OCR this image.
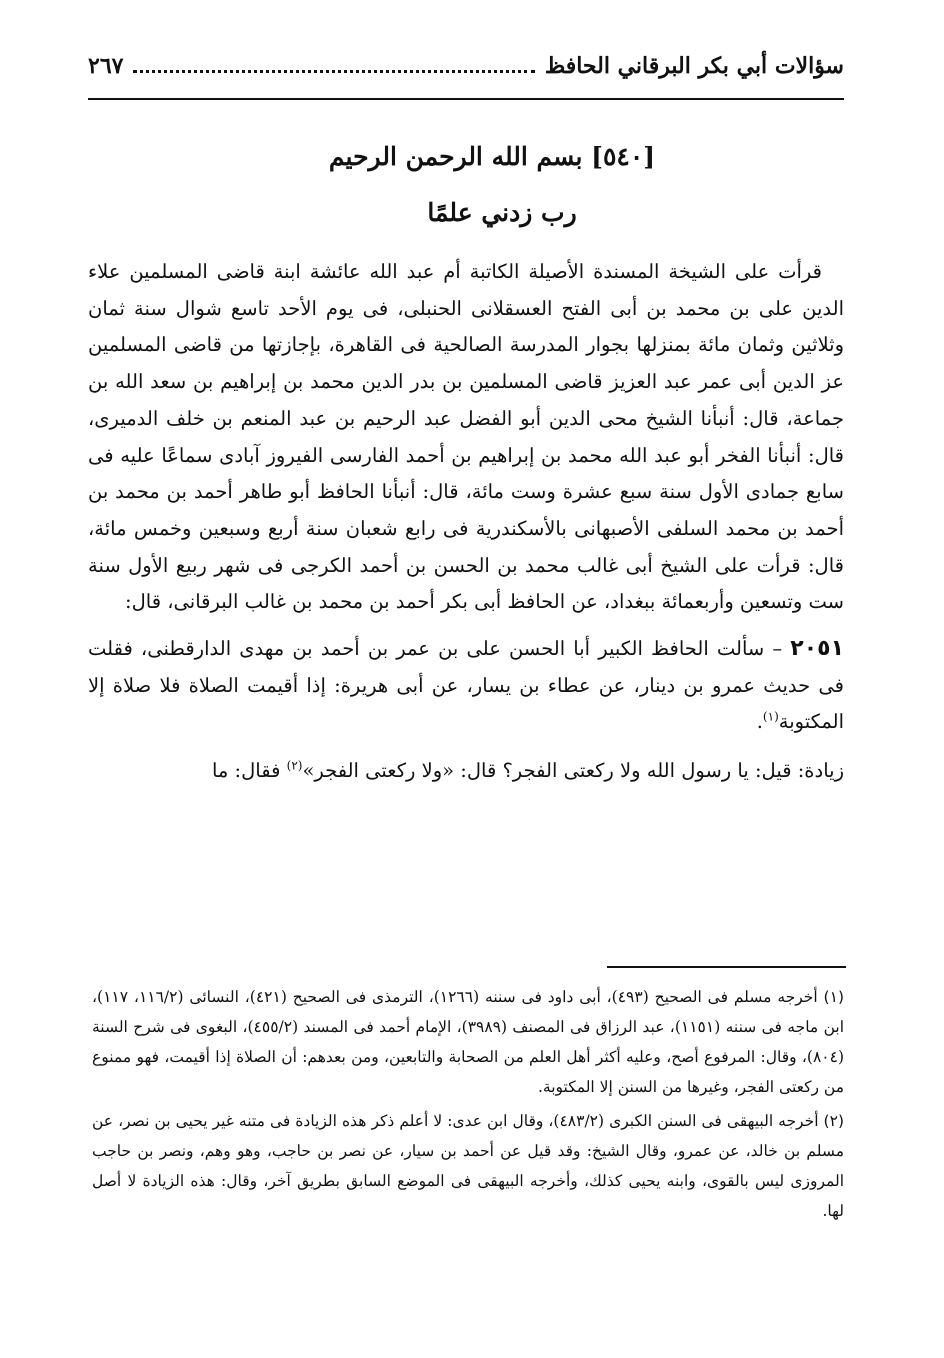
سؤالات أبي بكر البرقاني الحافظ
٢٦٧
[٥٤٠] بسم الله الرحمن الرحيم
رب زدني علمًا

قرأت على الشيخة المسندة الأصيلة الكاتبة أم عبد الله عائشة ابنة قاضى المسلمين علاء الدين على بن محمد بن أبى الفتح العسقلانى الحنبلى، فى يوم الأحد تاسع شوال سنة ثمان وثلاثين وثمان مائة بمنزلها بجوار المدرسة الصالحية فى القاهرة، بإجازتها من قاضى المسلمين عز الدين أبى عمر عبد العزيز قاضى المسلمين بن بدر الدين محمد بن إبراهيم بن سعد الله بن جماعة، قال: أنبأنا الشيخ محى الدين أبو الفضل عبد الرحيم بن عبد المنعم بن خلف الدميرى، قال: أنبأنا الفخر أبو عبد الله محمد بن إبراهيم بن أحمد الفارسى الفيروز آبادى سماعًا عليه فى سابع جمادى الأول سنة سبع عشرة وست مائة، قال: أنبأنا الحافظ أبو طاهر أحمد بن محمد بن أحمد بن محمد السلفى الأصبهانى بالأسكندرية فى رابع شعبان سنة أربع وسبعين وخمس مائة، قال: قرأت على الشيخ أبى غالب محمد بن الحسن بن أحمد الكرجى فى شهر ربيع الأول سنة ست وتسعين وأربعمائة ببغداد، عن الحافظ أبى بكر أحمد بن محمد بن غالب البرقانى، قال:

٢٠٥١ – سألت الحافظ الكبير أبا الحسن على بن عمر بن أحمد بن مهدى الدارقطنى، فقلت فى حديث عمرو بن دينار، عن عطاء بن يسار، عن أبى هريرة: إذا أقيمت الصلاة فلا صلاة إلا المكتوبة$^{(١)}$.

زيادة: قيل: يا رسول الله ولا ركعتى الفجر؟ قال: «ولا ركعتى الفجر»$^{(٢)}$ فقال: ما

(١) أخرجه مسلم فى الصحيح (٤٩٣)، أبى داود فى سننه (١٢٦٦)، الترمذى فى الصحيح (٤٢١)، النسائى (١١٦/٢، ١١٧)، ابن ماجه فى سننه (١١٥١)، عبد الرزاق فى المصنف (٣٩٨٩)، الإمام أحمد فى المسند (٤٥٥/٢)، البغوى فى شرح السنة (٨٠٤)، وقال: المرفوع أصح، وعليه أكثر أهل العلم من الصحابة والتابعين، ومن بعدهم: أن الصلاة إذا أقيمت، فهو ممنوع من ركعتى الفجر، وغيرها من السنن إلا المكتوبة.

(٢) أخرجه البيهقى فى السنن الكبرى (٤٨٣/٢)، وقال ابن عدى: لا أعلم ذكر هذه الزيادة فى متنه غير يحيى بن نصر، عن مسلم بن خالد، عن عمرو، وقال الشيخ: وقد قيل عن أحمد بن سيار، عن نصر بن حاجب، وهو وهم، ونصر بن حاجب المروزى ليس بالقوى، وابنه يحيى كذلك، وأخرجه البيهقى فى الموضع السابق بطريق آخر، وقال: هذه الزيادة لا أصل لها.
